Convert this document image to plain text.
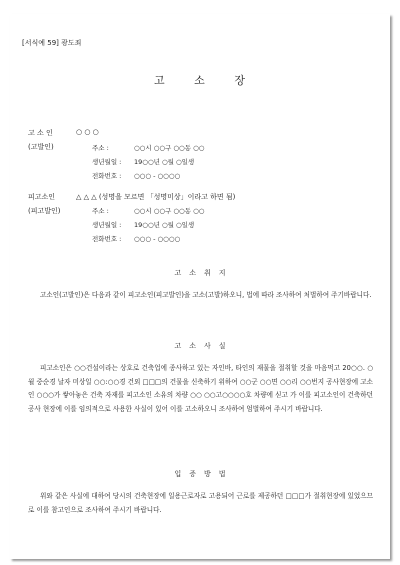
[서식예 59] 광도죄
고	소	장
고 소 인
(고발인)
○ ○ ○
주소 :	○○시 ○○구 ○○동 ○○
생년월일 : 19○○년 ○월 ○일생
전화번호 : ○○○ - ○○○○
피고소인
(피고발인)
△ △ △ (성명을 모르면 「성명미상」이라고 하면 됨)
주소 :	○○시 ○○구 ○○동 ○○
생년월일 : 19○○년 ○월 ○일생
전화번호 : ○○○ - ○○○○
고 소 취 지
고소인(고발인)은 다음과 같이 피고소인(피고발인)을 고소(고발)하오니, 법에 따라 조사하여 처벌하여 주기바랍니다.
고 소 사 실
피고소인은 ○○건설이라는 상호로 건축업에 종사하고 있는 자인바, 타인의 재물을 절취할 것을 마음먹고 20○○. ○월 중순경 날자 미상일 ○○:○○경 건외 □□□의 건물을 신축하기 위하여 ○○군 ○○면 ○○리 ○○번지 공사현장에 고소인 ○○○가 쌓아놓은 건축 자재를 피고소인 소유의 차량 ○○ ○○고○○○○호 차량에 싣고 가 이를 피고소인이 건축하던 공사 현장에 이를 임의적으로 사용한 사실이 있어 이를 고소하오니 조사하여 엄벌하여 주시기 바랍니다.
입 증 방 법
위와 같은 사실에 대하여 당시의 건축현장에 일용근로자로 고용되어 근로를 제공하던 □□□가 절취현장에 있었으므로 이를 참고인으로 조사하여 주시기 바랍니다.
